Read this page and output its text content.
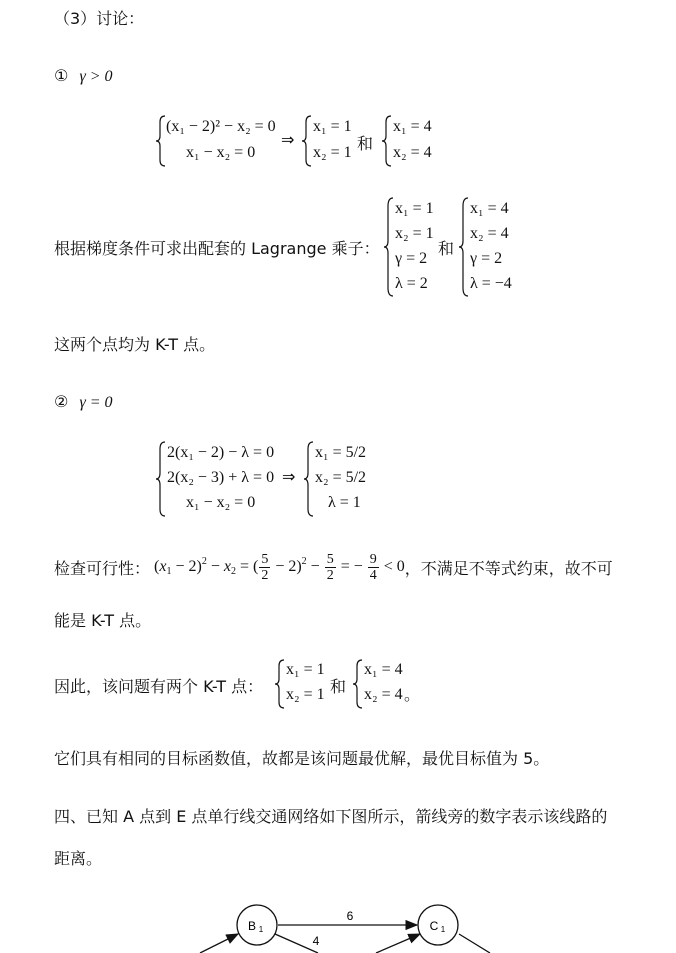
（3）讨论：
① γ > 0
(x₁ − 2)² − x₂ = 0
x₁ − x₂ = 0
⇒
x₁ = 1
x₂ = 1 和
x₁ = 4
x₂ = 4
根据梯度条件可求出配套的 Lagrange 乘子：
x₁ = 1
x₂ = 1
γ = 2
λ = 2
和
x₁ = 4
x₂ = 4
γ = 2
λ = −4
这两个点均为 K-T 点。
② γ = 0
2(x₁ − 2) − λ = 0
2(x₂ − 3) + λ = 0
x₁ − x₂ = 0
⇒
x₁ = 5/2
x₂ = 5/2
λ = 1
检查可行性： $(x_1 - 2)^2 - x_2$ = ( $\frac{5}{2} - 2)^2 - \frac{5}{2}$ = − $\frac{9}{4} < 0$ ，不满足不等式约束，故不可
能是 K-T 点。
因此，该问题有两个 K-T 点：
x₁ = 1
x₂ = 1 和
x₁ = 4
x₂ = 4 。
它们具有相同的目标函数值，故都是该问题最优解，最优目标值为 5。
四、已知 A 点到 E 点单行线交通网络如下图所示，箭线旁的数字表示该线路的
距离。
B 1	C 1
6
4
